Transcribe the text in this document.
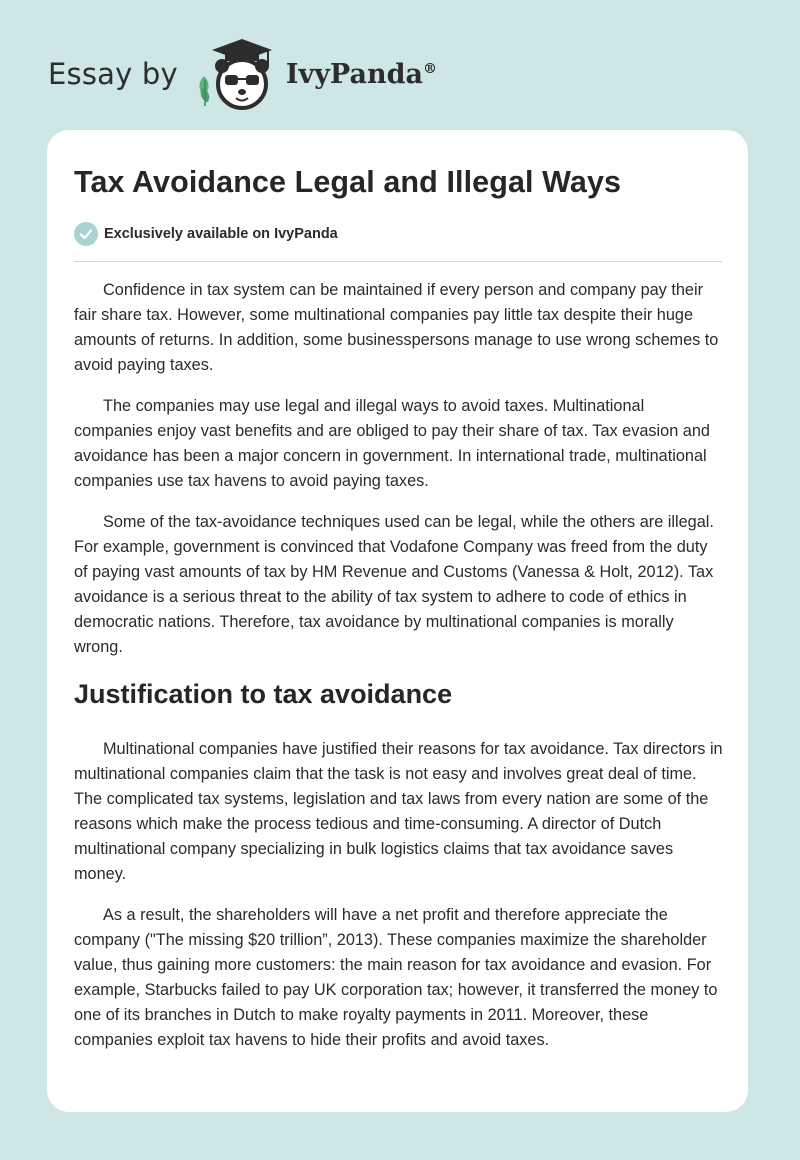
Essay by	IvyPanda®
Tax Avoidance Legal and Illegal Ways
Exclusively available on IvyPanda

Confidence in tax system can be maintained if every person and company pay their fair share tax. However, some multinational companies pay little tax despite their huge amounts of returns. In addition, some businesspersons manage to use wrong schemes to avoid paying taxes.

The companies may use legal and illegal ways to avoid taxes. Multinational companies enjoy vast benefits and are obliged to pay their share of tax. Tax evasion and avoidance has been a major concern in government. In international trade, multinational companies use tax havens to avoid paying taxes.

Some of the tax-avoidance techniques used can be legal, while the others are illegal. For example, government is convinced that Vodafone Company was freed from the duty of paying vast amounts of tax by HM Revenue and Customs (Vanessa & Holt, 2012). Tax avoidance is a serious threat to the ability of tax system to adhere to code of ethics in democratic nations. Therefore, tax avoidance by multinational companies is morally wrong.

Justification to tax avoidance

Multinational companies have justified their reasons for tax avoidance. Tax directors in multinational companies claim that the task is not easy and involves great deal of time. The complicated tax systems, legislation and tax laws from every nation are some of the reasons which make the process tedious and time-consuming. A director of Dutch multinational company specializing in bulk logistics claims that tax avoidance saves money.

As a result, the shareholders will have a net profit and therefore appreciate the company ("The missing $20 trillion”, 2013). These companies maximize the shareholder value, thus gaining more customers: the main reason for tax avoidance and evasion. For example, Starbucks failed to pay UK corporation tax; however, it transferred the money to one of its branches in Dutch to make royalty payments in 2011. Moreover, these companies exploit tax havens to hide their profits and avoid taxes.
